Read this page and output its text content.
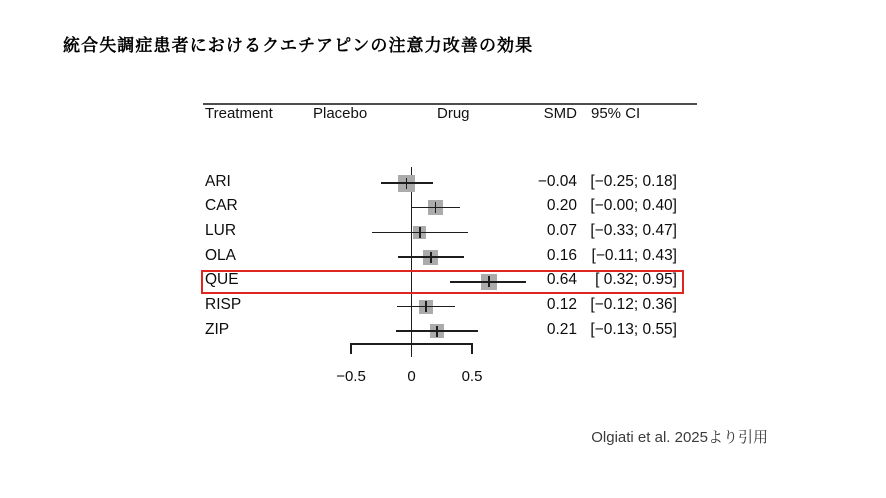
統合失調症患者におけるクエチアピンの注意力改善の効果
Treatment	Placebo	Drug	SMD 95% CI
ARI	−0.04 [−0.25; 0.18]
CAR	0.20 [−0.00; 0.40]
LUR	0.07 [−0.33; 0.47]
OLA	0.16 [−0.11; 0.43]
QUE	0.64	[ 0.32; 0.95]
RISP	0.12 [−0.12; 0.36]
ZIP	0.21 [−0.13; 0.55]
−0.5	0	0.5
Olgiati et al. 2025より引用
